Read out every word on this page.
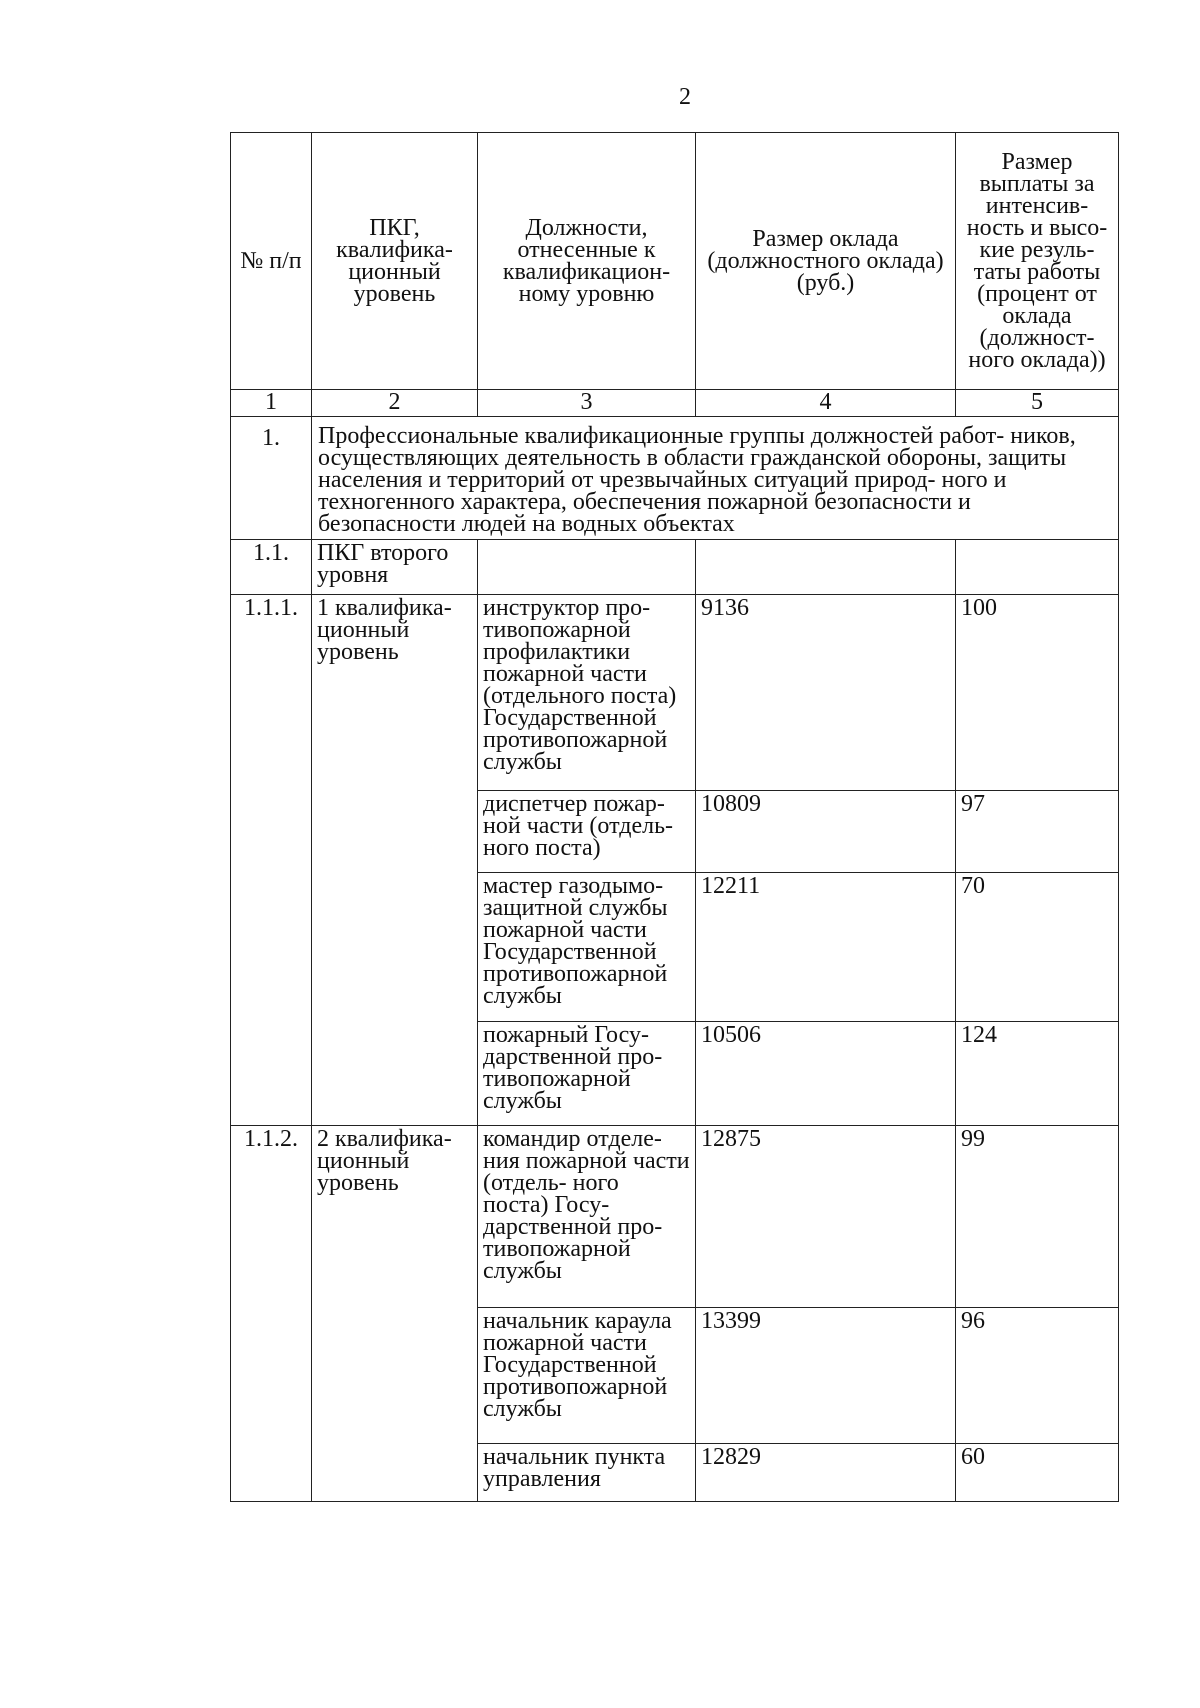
2
№ п/п	ПКГ, квалифика- ционный уровень	Должности, отнесенные к квалификацион- ному уровню	Размер оклада (должностного оклада) (руб.)	Размер выплаты за интенсив- ность и высо- кие резуль- таты работы (процент от оклада (должност- ного оклада))
1	2	3	4	5
1.	Профессиональные квалификационные группы должностей работ- ников, осуществляющих деятельность в области гражданской обороны, защиты населения и территорий от чрезвычайных ситуаций природ- ного и техногенного характера, обеспечения пожарной безопасности и безопасности людей на водных объектах			
1.1.	ПКГ второго уровня			
1.1.1.	1 квалифика- ционный уровень	инструктор про- тивопожарной профилактики пожарной части (отдельного поста) Государственной противопожарной службы	9136	100
		диспетчер пожар- ной части (отдель- ного поста)	10809	97
		мастер газодымо- защитной службы пожарной части Государственной противопожарной службы	12211	70
		пожарный Госу- дарственной про- тивопожарной службы	10506	124
1.1.2.	2 квалифика- ционный уровень	командир отделе- ния пожарной части (отдель- ного поста) Госу- дарственной про- тивопожарной службы	12875	99
		начальник караула пожарной части Государственной противопожарной службы	13399	96
		начальник пункта управления	12829	60
